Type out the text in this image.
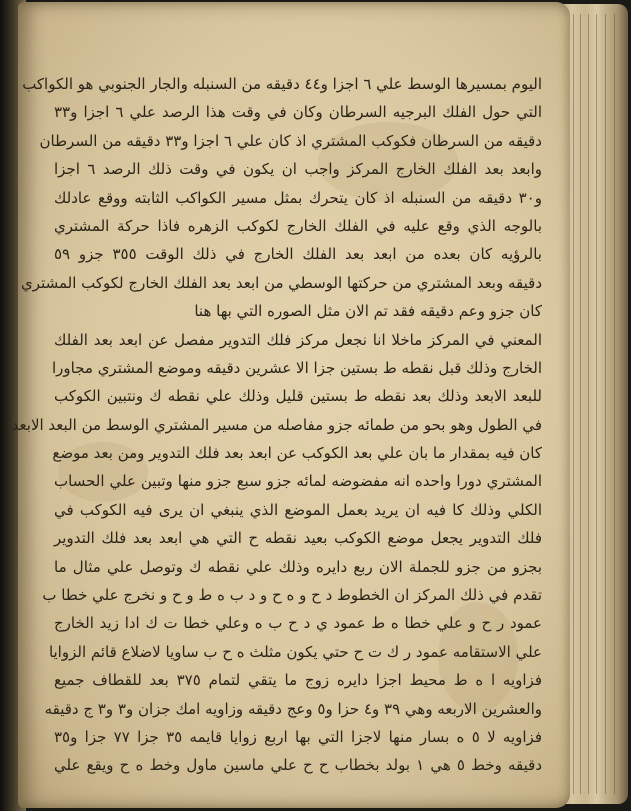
اليوم بمسيرها الوسط علي ٦ اجزا و٤٤ دقيقه من السنبله والجار الجنوبي هو الكواكب
التي حول الفلك البرجيه السرطان وكان في وقت هذا الرصد علي ٦ اجزا و٣٣
دقيقه من السرطان فكوكب المشتري اذ كان علي ٦ اجزا و٣٣ دقيقه من السرطان
وابعد بعد الفلك الخارج المركز واجب ان يكون في وقت ذلك الرصد ٦ اجزا
و٣٠ دقيقه من السنبله اذ كان يتحرك بمثل مسير الكواكب الثابته ووقع عادلك
بالوجه الذي وقع عليه في الفلك الخارج لكوكب الزهره فاذا حركة المشتري
بالرؤيه كان بعده من ابعد بعد الفلك الخارج في ذلك الوقت ٣٥٥ جزو ٥٩
دقيقه وبعد المشتري من حركتها الوسطي من ابعد بعد الفلك الخارج لكوكب المشتري
كان جزو وعم دقيقه فقد تم الان مثل الصوره التي بها هنا
المعني في المركز ماخلا انا نجعل مركز فلك التدوير مفصل عن ابعد بعد الفلك
الخارج وذلك قبل نقطه ط بستين جزا الا عشرين دقيقه وموضع المشتري مجاورا
للبعد الابعد وذلك بعد نقطه ط بستين قليل وذلك علي نقطه ك ونتبين الكوكب
في الطول وهو بحو من طمائه جزو مفاصله من مسير المشتري الوسط من البعد الابعد
كان فيه بمقدار ما بان علي بعد الكوكب عن ابعد بعد فلك التدوير ومن بعد موضع
المشتري دورا واحده انه مفضوضه لمائه جزو سبع جزو منها وتبين علي الحساب
الكلي وذلك كا فيه ان يريد بعمل الموضع الذي ينبغي ان يرى فيه الكوكب في
فلك التدوير يجعل موضع الكوكب بعيد نقطه ح التي هي ابعد بعد فلك التدوير
بجزو من جزو للجملة الان ربع دايره وذلك علي نقطه ك وتوصل علي مثال ما
تقدم في ذلك المركز ان الخطوط د ح و ه ح و د ب ه ط و ح و نخرج علي خطا ب
عمود ر ح و علي خطا ه ط عمود ي د ح ب ه وعلي خطا ت ك ادا زيد الخارج
علي الاستقامه عمود ر ك ت ح حتي يكون مثلث ه ح ب ساويا لاضلاع قائم الزوايا
فزاويه ا ه ط محيط اجزا دايره زوج ما يتقي لتمام ٣٧٥ بعد للقطاف جميع
والعشرين الاربعه وهي ٣٩ و٤ حزا و٥ وعج دقيقه وزاويه امك جزان و٣ و٣ ج دقيقه
فزاويه لا ٥ ه بسار منها لاجزا التي بها اربع زوايا قايمه ٣٥ جزا ٧٧ جزا و٣٥
دقيقه وخط ٥ هي ١ بولد بخطاب ح ح علي ماسين ماول وخط ه ح ويقع علي
